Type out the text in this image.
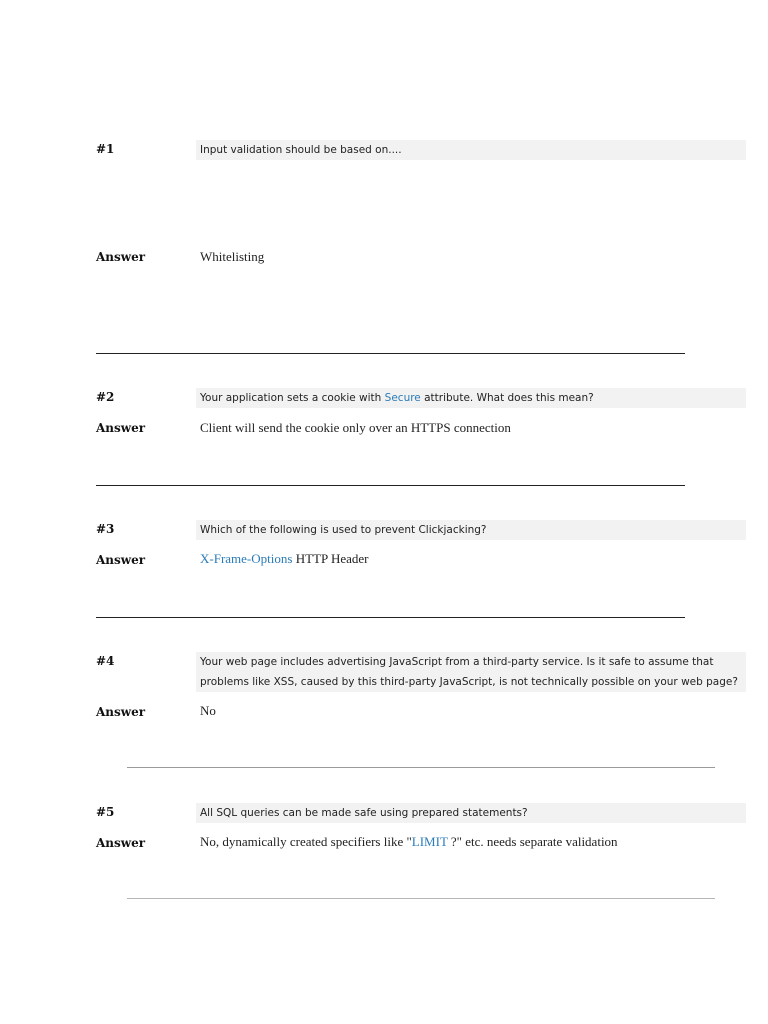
#1	Input validation should be based on....
Answer	Whitelisting
#2	Your application sets a cookie with Secure attribute. What does this mean?
Answer	Client will send the cookie only over an HTTPS connection
#3	Which of the following is used to prevent Clickjacking?
Answer	X-Frame-Options HTTP Header
#4	Your web page includes advertising JavaScript from a third-party service. Is it safe to assume that
problems like XSS, caused by this third-party JavaScript, is not technically possible on your web page?
Answer	No
#5	All SQL queries can be made safe using prepared statements?
Answer	No, dynamically created specifiers like "LIMIT ?" etc. needs separate validation
